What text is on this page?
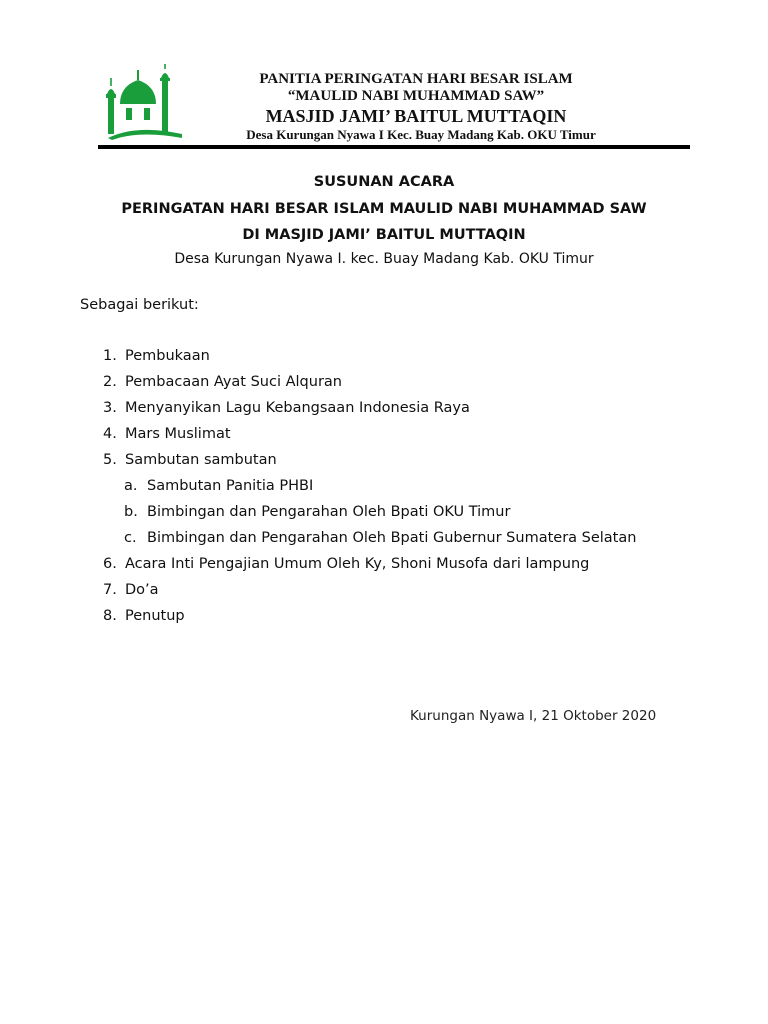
PANITIA PERINGATAN HARI BESAR ISLAM
“MAULID NABI MUHAMMAD SAW”
MASJID JAMI’ BAITUL MUTTAQIN
Desa Kurungan Nyawa I Kec. Buay Madang Kab. OKU Timur
SUSUNAN ACARA
PERINGATAN HARI BESAR ISLAM MAULID NABI MUHAMMAD SAW
DI MASJID JAMI’ BAITUL MUTTAQIN
Desa Kurungan Nyawa I. kec. Buay Madang Kab. OKU Timur
Sebagai berikut:
1. Pembukaan
2. Pembacaan Ayat Suci Alquran
3. Menyanyikan Lagu Kebangsaan Indonesia Raya
4. Mars Muslimat
5. Sambutan sambutan
a. Sambutan Panitia PHBI
b. Bimbingan dan Pengarahan Oleh Bpati OKU Timur
c. Bimbingan dan Pengarahan Oleh Bpati Gubernur Sumatera Selatan
6. Acara Inti Pengajian Umum Oleh Ky, Shoni Musofa dari lampung
7. Do’a
8. Penutup
Kurungan Nyawa I, 21 Oktober 2020
